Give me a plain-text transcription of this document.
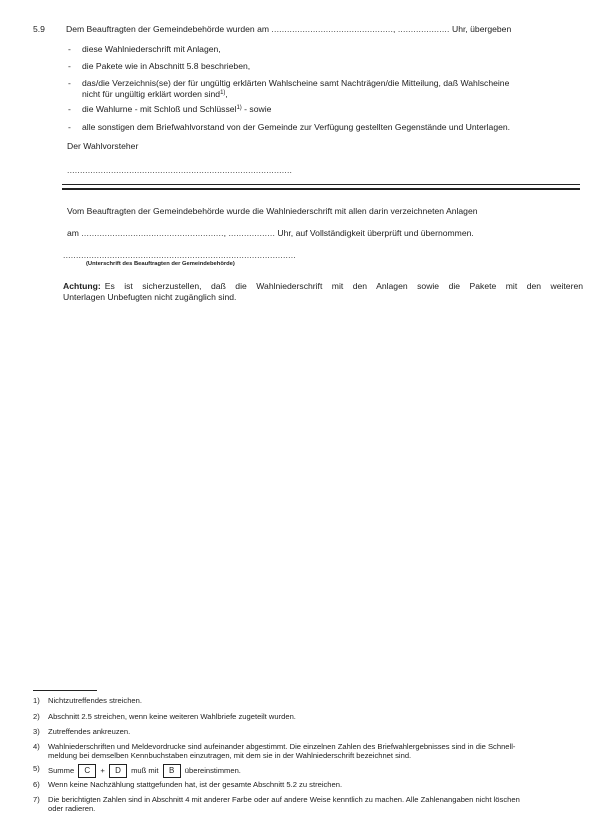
5.9 Dem Beauftragten der Gemeindebehörde wurden am ..............................................., .................... Uhr, übergeben
- diese Wahlniederschrift mit Anlagen,
- die Pakete wie in Abschnitt 5.8 beschrieben,
- das/die Verzeichnis(se) der für ungültig erklärten Wahlscheine samt Nachträgen/die Mitteilung, daß Wahlscheine
nicht für ungültig erklärt worden sind$^{1)}$,
- die Wahlurne - mit Schloß und Schlüssel$^{1)}$ - sowie
- alle sonstigen dem Briefwahlvorstand von der Gemeinde zur Verfügung gestellten Gegenstände und Unterlagen.
Der Wahlvorsteher
.......................................................................................
Vom Beauftragten der Gemeindebehörde wurde die Wahlniederschrift mit allen darin verzeichneten Anlagen
am ......................................................., .................. Uhr, auf Vollständigkeit überprüft und übernommen.
..........................................................................................
(Unterschrift des Beauftragten der Gemeindebehörde)
Achtung: Es ist sicherzustellen, daß die Wahlniederschrift mit den Anlagen sowie die Pakete mit den weiteren
Unterlagen Unbefugten nicht zugänglich sind.
1) Nichtzutreffendes streichen.
2) Abschnitt 2.5 streichen, wenn keine weiteren Wahlbriefe zugeteilt wurden.
3) Zutreffendes ankreuzen.
4) Wahlniederschriften und Meldevordrucke sind aufeinander abgestimmt. Die einzelnen Zahlen des Briefwahlergebnisses sind in die Schnell-
meldung bei demselben Kennbuchstaben einzutragen, mit dem sie in der Wahlniederschrift bezeichnet sind.
5) Summe C + D muß mit B übereinstimmen.
6) Wenn keine Nachzählung stattgefunden hat, ist der gesamte Abschnitt 5.2 zu streichen.
7) Die berichtigten Zahlen sind in Abschnitt 4 mit anderer Farbe oder auf andere Weise kenntlich zu machen. Alle Zahlenangaben nicht löschen
oder radieren.
